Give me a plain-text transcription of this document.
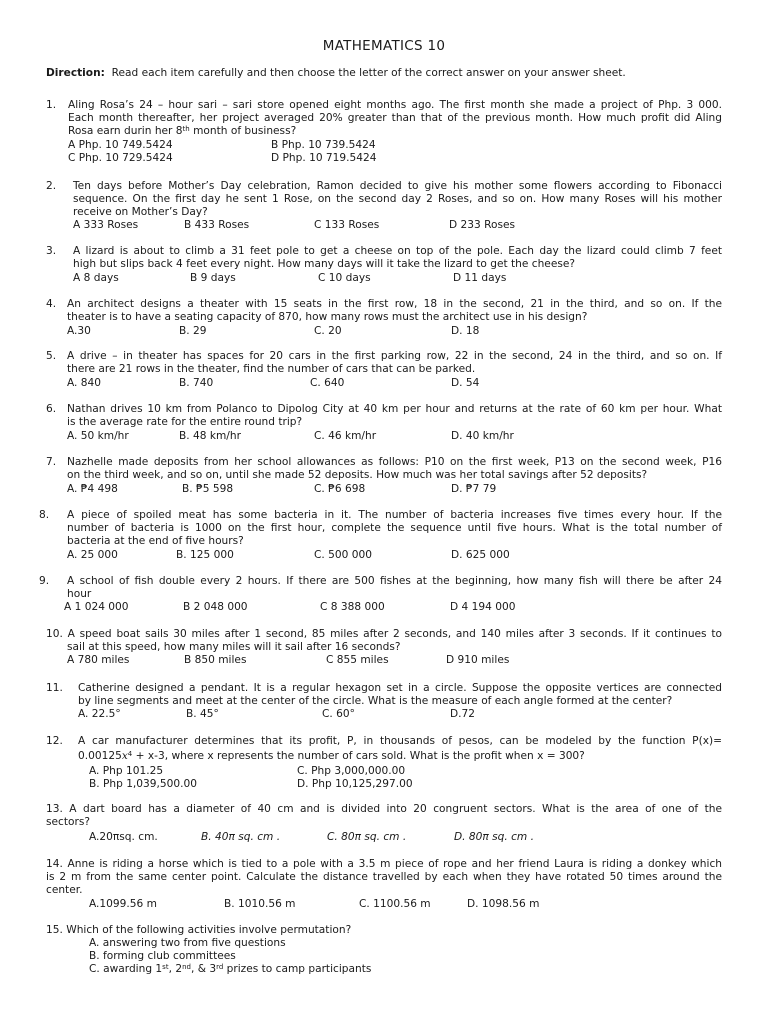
MATHEMATICS 10
Direction: Read each item carefully and then choose the letter of the correct answer on your answer sheet.
1. Aling Rosa’s 24 – hour sari – sari store opened eight months ago. The first month she made a project of Php. 3 000.
Each month thereafter, her project averaged 20% greater than that of the previous month. How much profit did Aling
Rosa earn durin her 8th month of business?
A Php. 10 749.5424	B Php. 10 739.5424
C Php. 10 729.5424	D Php. 10 719.5424
2. Ten days before Mother’s Day celebration, Ramon decided to give his mother some flowers according to Fibonacci
sequence. On the first day he sent 1 Rose, on the second day 2 Roses, and so on. How many Roses will his mother
receive on Mother’s Day?
A 333 Roses	B 433 Roses	C 133 Roses	D 233 Roses
3. A lizard is about to climb a 31 feet pole to get a cheese on top of the pole. Each day the lizard could climb 7 feet
high but slips back 4 feet every night. How many days will it take the lizard to get the cheese?
A 8 days	B 9 days	C 10 days	D 11 days
4. An architect designs a theater with 15 seats in the first row, 18 in the second, 21 in the third, and so on. If the
theater is to have a seating capacity of 870, how many rows must the architect use in his design?
A.30	B. 29	C. 20	D. 18
5. A drive – in theater has spaces for 20 cars in the first parking row, 22 in the second, 24 in the third, and so on. If
there are 21 rows in the theater, find the number of cars that can be parked.
A. 840	B. 740	C. 640	D. 54
6. Nathan drives 10 km from Polanco to Dipolog City at 40 km per hour and returns at the rate of 60 km per hour. What
is the average rate for the entire round trip?
A. 50 km/hr	B. 48 km/hr	C. 46 km/hr	D. 40 km/hr
7. Nazhelle made deposits from her school allowances as follows: P10 on the first week, P13 on the second week, P16
on the third week, and so on, until she made 52 deposits. How much was her total savings after 52 deposits?
A. ₱4 498	B. ₱5 598	C. ₱6 698	D. ₱7 79
8. A piece of spoiled meat has some bacteria in it. The number of bacteria increases five times every hour. If the
number of bacteria is 1000 on the first hour, complete the sequence until five hours. What is the total number of
bacteria at the end of five hours?
A. 25 000	B. 125 000	C. 500 000	D. 625 000
9. A school of fish double every 2 hours. If there are 500 fishes at the beginning, how many fish will there be after 24
hour
A 1 024 000	B 2 048 000	C 8 388 000	D 4 194 000
10. A speed boat sails 30 miles after 1 second, 85 miles after 2 seconds, and 140 miles after 3 seconds. If it continues to
sail at this speed, how many miles will it sail after 16 seconds?
A 780 miles	B 850 miles	C 855 miles	D 910 miles
11. Catherine designed a pendant. It is a regular hexagon set in a circle. Suppose the opposite vertices are connected
by line segments and meet at the center of the circle. What is the measure of each angle formed at the center?
A. 22.5°	B. 45°	C. 60°	D.72
12. A car manufacturer determines that its profit, P, in thousands of pesos, can be modeled by the function P(x)=
$0.00125x^4 + x-3$, where x represents the number of cars sold. What is the profit when x = 300?
A. Php 101.25	C. Php 3,000,000.00
B. Php 1,039,500.00	D. Php 10,125,297.00
13. A dart board has a diameter of 40 cm and is divided into 20 congruent sectors. What is the area of one of the
sectors?
A.20πsq. cm.	B. 40π sq. cm .	C. 80π sq. cm .	D. 80π sq. cm .
14. Anne is riding a horse which is tied to a pole with a 3.5 m piece of rope and her friend Laura is riding a donkey which
is 2 m from the same center point. Calculate the distance travelled by each when they have rotated 50 times around the
center.
A.1099.56 m	B. 1010.56 m	C. 1100.56 m	D. 1098.56 m
15. Which of the following activities involve permutation?
A. answering two from five questions
B. forming club committees
C. awarding 1st, 2nd, & 3rd prizes to camp participants
